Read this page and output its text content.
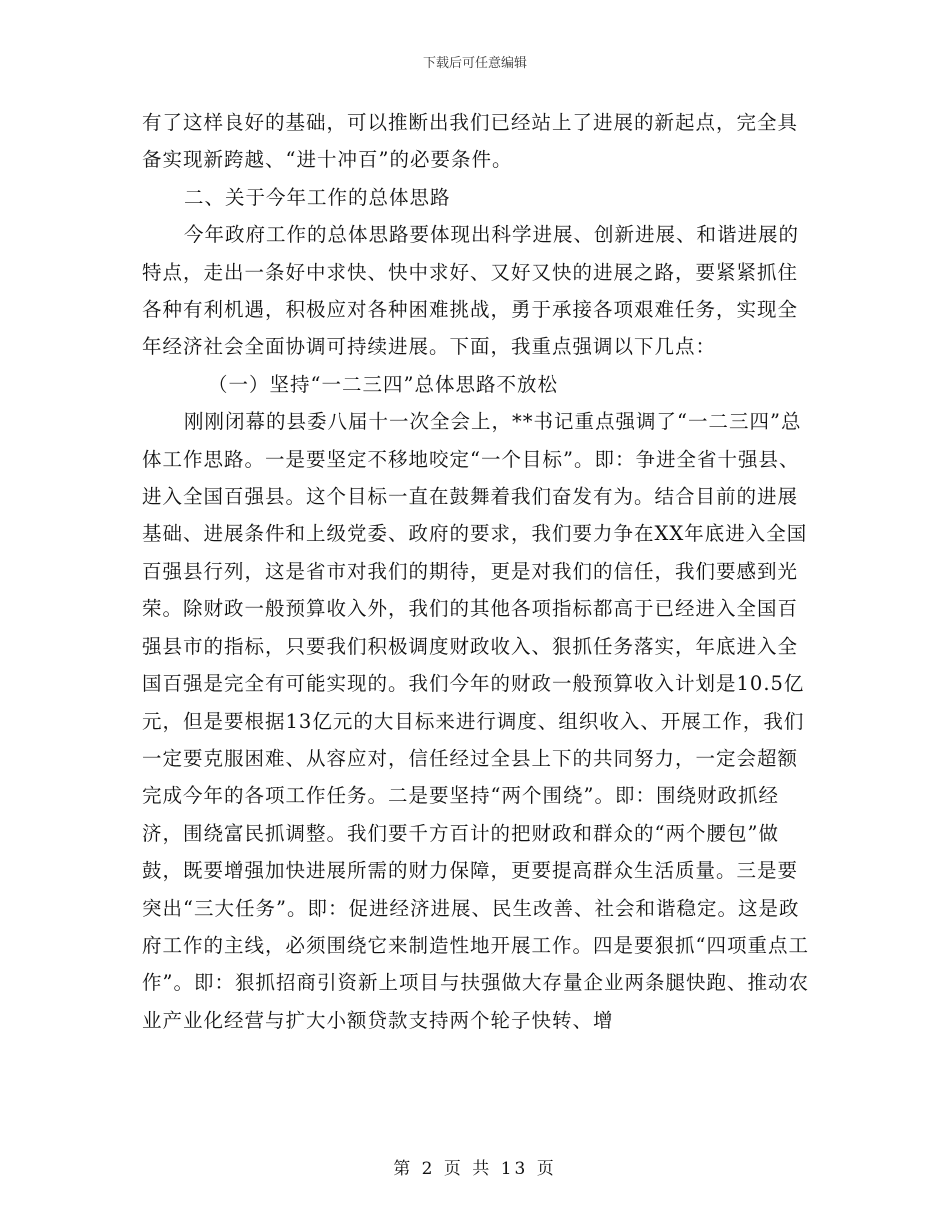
下载后可任意编辑

有了这样良好的基础，可以推断出我们已经站上了进展的新起点，完全具备实现新跨越、“进十冲百”的必要条件。

二、关于今年工作的总体思路

今年政府工作的总体思路要体现出科学进展、创新进展、和谐进展的特点，走出一条好中求快、快中求好、又好又快的进展之路，要紧紧抓住各种有利机遇，积极应对各种困难挑战，勇于承接各项艰难任务，实现全年经济社会全面协调可持续进展。下面，我重点强调以下几点：

（一）坚持“一二三四”总体思路不放松

刚刚闭幕的县委八届十一次全会上，**书记重点强调了“一二三四”总体工作思路。一是要坚定不移地咬定“一个目标”。即：争进全省十强县、进入全国百强县。这个目标一直在鼓舞着我们奋发有为。结合目前的进展基础、进展条件和上级党委、政府的要求，我们要力争在XX年底进入全国百强县行列，这是省市对我们的期待，更是对我们的信任，我们要感到光荣。除财政一般预算收入外，我们的其他各项指标都高于已经进入全国百强县市的指标，只要我们积极调度财政收入、狠抓任务落实，年底进入全国百强是完全有可能实现的。我们今年的财政一般预算收入计划是10.5亿元，但是要根据13亿元的大目标来进行调度、组织收入、开展工作，我们一定要克服困难、从容应对，信任经过全县上下的共同努力，一定会超额完成今年的各项工作任务。二是要坚持“两个围绕”。即：围绕财政抓经济，围绕富民抓调整。我们要千方百计的把财政和群众的“两个腰包”做鼓，既要增强加快进展所需的财力保障，更要提高群众生活质量。三是要突出“三大任务”。即：促进经济进展、民生改善、社会和谐稳定。这是政府工作的主线，必须围绕它来制造性地开展工作。四是要狠抓“四项重点工作”。即：狠抓招商引资新上项目与扶强做大存量企业两条腿快跑、推动农业产业化经营与扩大小额贷款支持两个轮子快转、增

第 2 页 共 13 页
